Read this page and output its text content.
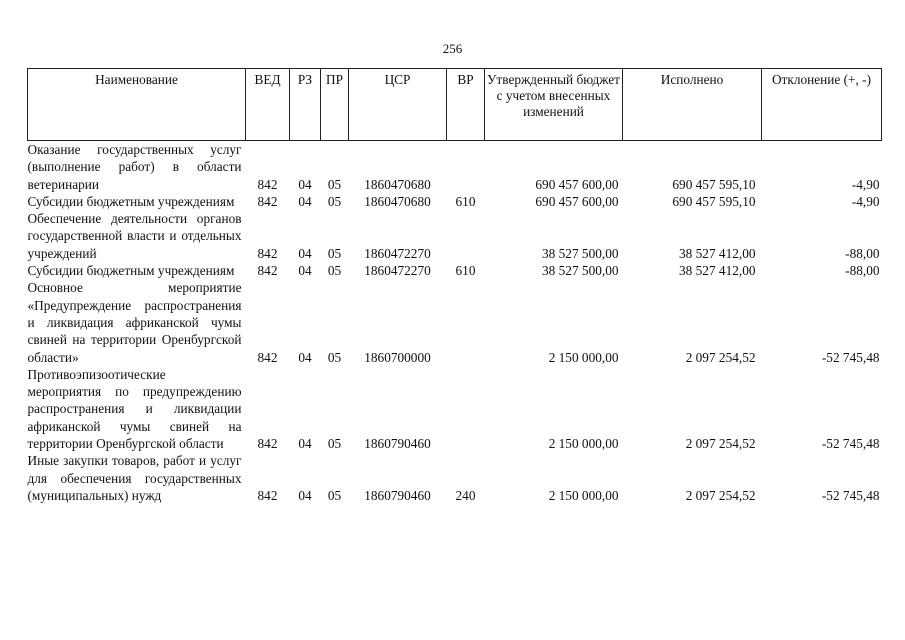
256
Наименование	ВЕД	РЗ	ПР	ЦСР	ВР	Утвержденный бюджет с учетом внесенных изменений	Исполнено	Отклонение (+, -)
Оказание государственных услуг (выполнение работ) в области ветеринарии	842	04	05	1860470680		690 457 600,00	690 457 595,10	-4,90
Субсидии бюджетным учреждениям	842	04	05	1860470680	610	690 457 600,00	690 457 595,10	-4,90
Обеспечение деятельности органов государственной власти и отдельных учреждений	842	04	05	1860472270		38 527 500,00	38 527 412,00	-88,00
Субсидии бюджетным учреждениям	842	04	05	1860472270	610	38 527 500,00	38 527 412,00	-88,00
Основное мероприятие «Предупреждение распространения и ликвидация африканской чумы свиней на территории Оренбургской области»	842	04	05	1860700000		2 150 000,00	2 097 254,52	-52 745,48
Противоэпизоотические мероприятия по предупреждению распространения и ликвидации африканской чумы свиней на территории Оренбургской области	842	04	05	1860790460		2 150 000,00	2 097 254,52	-52 745,48
Иные закупки товаров, работ и услуг для обеспечения государственных (муниципальных) нужд	842	04	05	1860790460	240	2 150 000,00	2 097 254,52	-52 745,48
